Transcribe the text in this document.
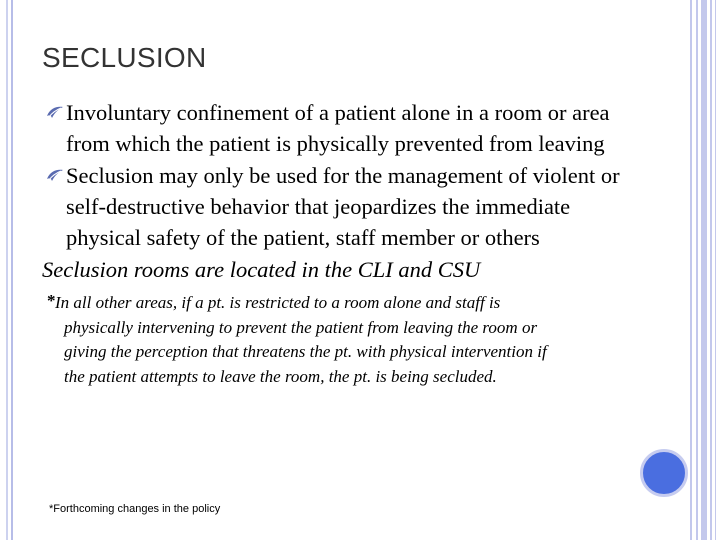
SECLUSION
Involuntary confinement of a patient alone in a room or area
from which the patient is physically prevented from leaving
Seclusion may only be used for the management of violent or
self-destructive behavior that jeopardizes the immediate
physical safety of the patient, staff member or others
Seclusion rooms are located in the CLI and CSU
* In all other areas, if a pt. is restricted to a room alone and staff is
physically intervening to prevent the patient from leaving the room or
giving the perception that threatens the pt. with physical intervention if
the patient attempts to leave the room, the pt. is being secluded.
*Forthcoming changes in the policy
